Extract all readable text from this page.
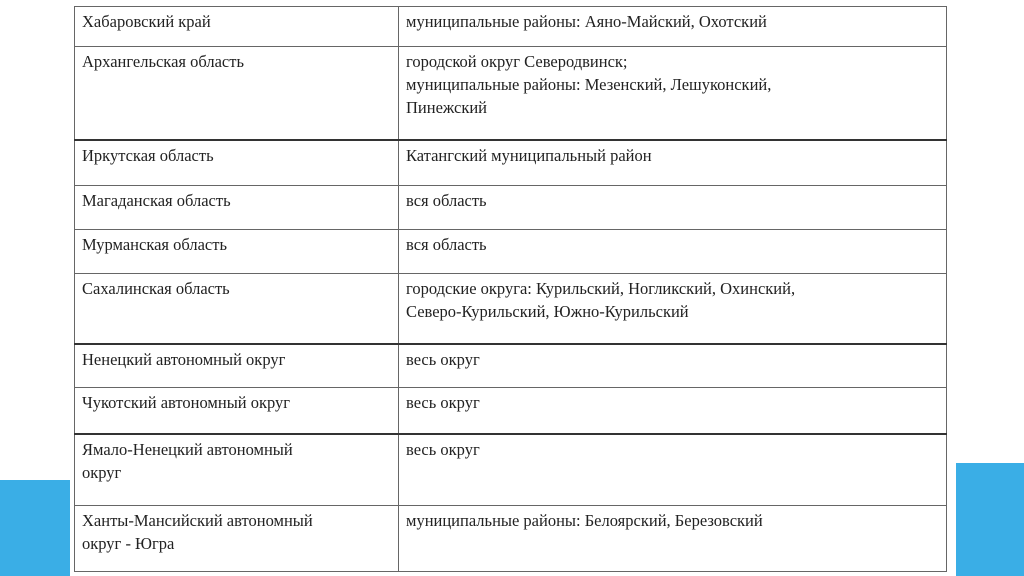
Хабаровский край	муниципальные районы: Аяно-Майский, Охотский

Архангельская область	городской округ Северодвинск;
муниципальные районы: Мезенский, Лешуконский,
Пинежский

Иркутская область	Катангский муниципальный район

Магаданская область	вся область

Мурманская область	вся область

Сахалинская область	городские округа: Курильский, Ногликский, Охинский,
Северо-Курильский, Южно-Курильский

Ненецкий автономный округ	весь округ

Чукотский автономный округ	весь округ

Ямало-Ненецкий автономный
округ	весь округ

Ханты-Мансийский автономный
округ - Югра	муниципальные районы: Белоярский, Березовский
